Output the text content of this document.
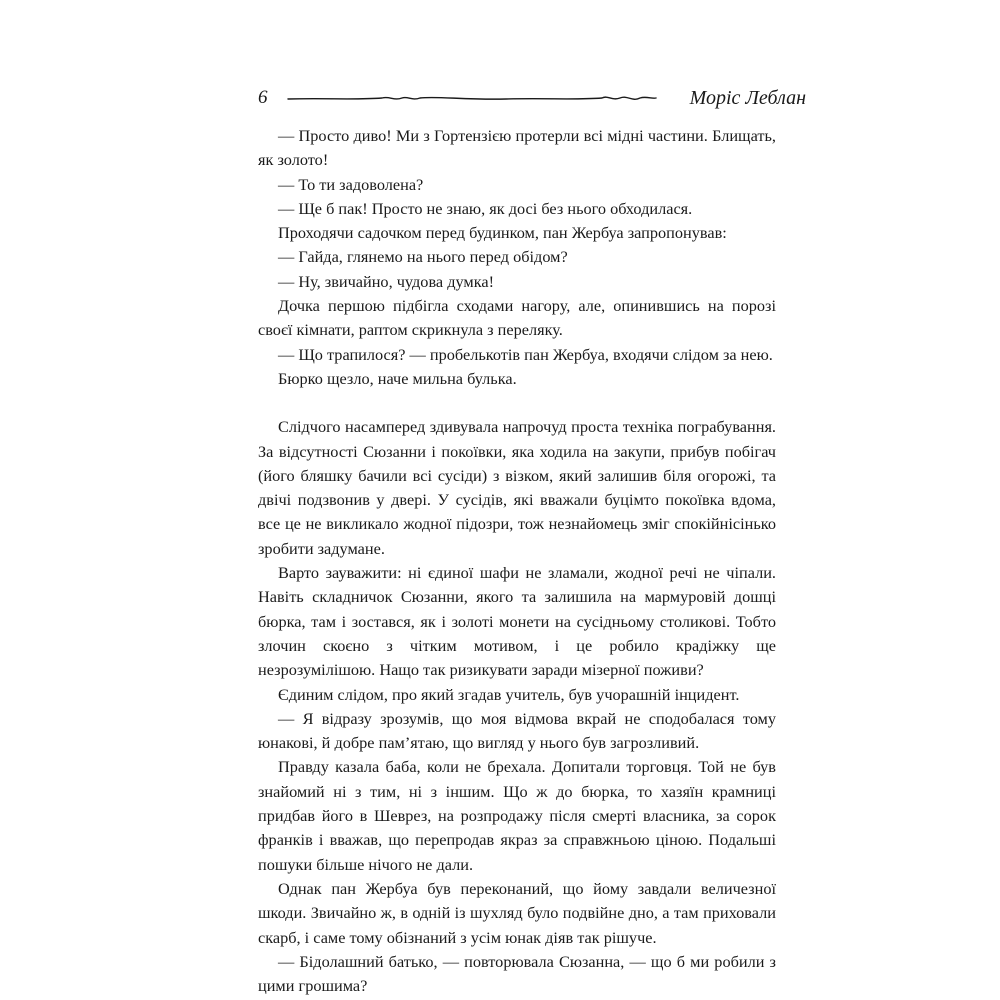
6	Моріс Леблан

— Просто диво! Ми з Гортензією протерли всі мідні частини. Блищать, як золото!

— То ти задоволена?

— Ще б пак! Просто не знаю, як досі без нього обходилася.

Проходячи садочком перед будинком, пан Жербуа запропонував:

— Гайда, глянемо на нього перед обідом?

— Ну, звичайно, чудова думка!

Дочка першою підбігла сходами нагору, але, опинившись на порозі своєї кімнати, раптом скрикнула з переляку.

— Що трапилося? — пробелькотів пан Жербуа, входячи слідом за нею.

Бюрко щезло, наче мильна булька.

Слідчого насамперед здивувала напрочуд проста техніка пограбування. За відсутності Сюзанни і покоївки, яка ходила на закупи, прибув побігач (його бляшку бачили всі сусіди) з візком, який залишив біля огорожі, та двічі подзвонив у двері. У сусідів, які вважали буцімто покоївка вдома, все це не викликало жодної підозри, тож незнайомець зміг спокійнісінько зробити задумане.

Варто зауважити: ні єдиної шафи не зламали, жодної речі не чіпали. Навіть складничок Сюзанни, якого та залишила на мармуровій дошці бюрка, там і зостався, як і золоті монети на сусідньому столикові. Тобто злочин скоєно з чітким мотивом, і це робило крадіжку ще незрозумілішою. Нащо так ризикувати заради мізерної поживи?

Єдиним слідом, про який згадав учитель, був учорашній інцидент.

— Я відразу зрозумів, що моя відмова вкрай не сподобалася тому юнакові, й добре пам’ятаю, що вигляд у нього був загрозливий.

Правду казала баба, коли не брехала. Допитали торговця. Той не був знайомий ні з тим, ні з іншим. Що ж до бюрка, то хазяїн крамниці придбав його в Шеврез, на розпродажу після смерті власника, за сорок франків і вважав, що перепродав якраз за справжньою ціною. Подальші пошуки більше нічого не дали.

Однак пан Жербуа був переконаний, що йому завдали величезної шкоди. Звичайно ж, в одній із шухляд було подвійне дно, а там приховали скарб, і саме тому обізнаний з усім юнак діяв так рішуче.

— Бідолашний батько, — повторювала Сюзанна, — що б ми робили з цими грошима?
